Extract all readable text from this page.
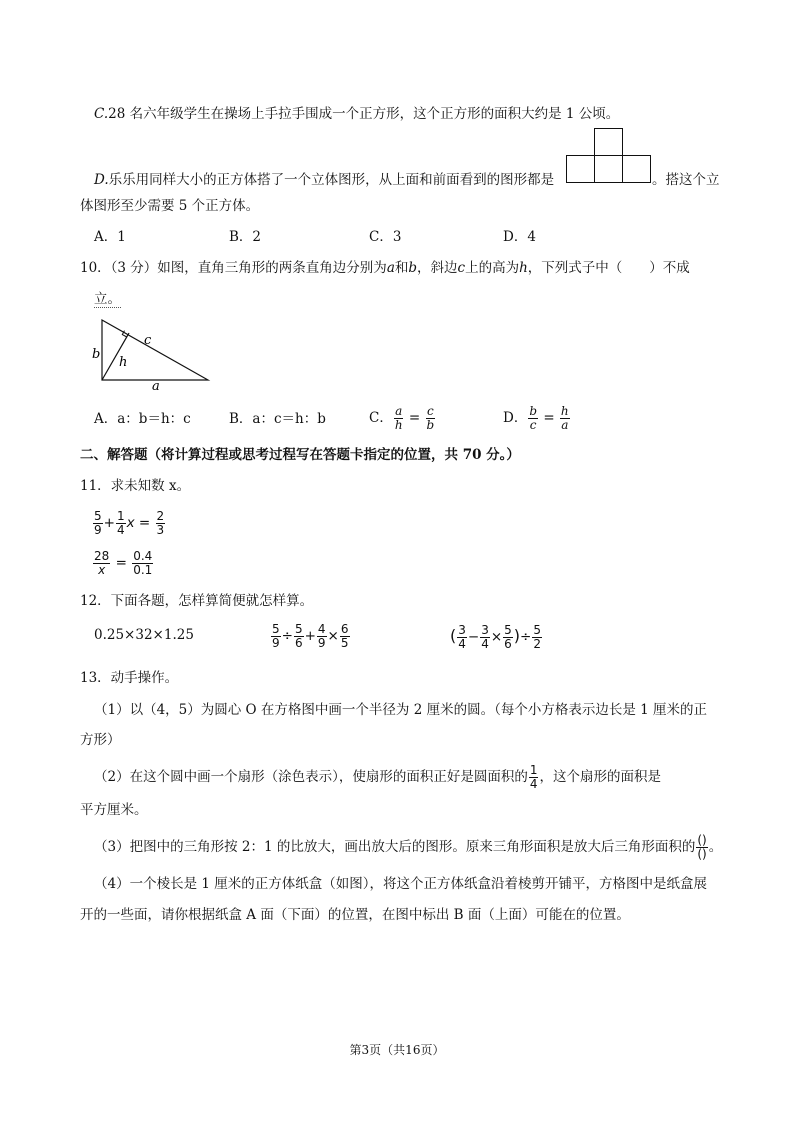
C.28 名六年级学生在操场上手拉手围成一个正方形，这个正方形的面积大约是 1 公顷。
D.乐乐用同样大小的正方体搭了一个立体图形，从上面和前面看到的图形都是	。搭这个立
体图形至少需要 5 个正方体。
A．1	B．2	C．3	D．4
10．（3 分）如图，直角三角形的两条直角边分别为a和b，斜边c上的高为h，下列式子中（　　）不成
立。
b
c
h
a
A．a：b＝h：c	B．a：c＝h：b	C． $\frac{a}{h} = \frac{c}{b}$	D． $\frac{b}{c} = \frac{h}{a}$
二、解答题（将计算过程或思考过程写在答题卡指定的位置，共 70 分。）
11．求未知数 x。
$\frac{5}{9} + \frac{1}{4}$ $x = \frac{2}{3}$
$\frac{28}{x} = \frac{0.4}{0.1}$
12．下面各题，怎样算简便就怎样算。
0.25×32×1.25	$\frac{5}{9} \div \frac{5}{6} + \frac{4}{9} \times \frac{6}{5}$	( $\frac{3}{4} - \frac{3}{4} \times \frac{5}{6}$ )÷ $\frac{5}{2}$
13．动手操作。
（1）以（4，5）为圆心 O 在方格图中画一个半径为 2 厘米的圆。（每个小方格表示边长是 1 厘米的正
方形）
（2）在这个圆中画一个扇形（涂色表示），使扇形的面积正好是圆面积的 $\frac{1}{4}$ ，这个扇形的面积是
平方厘米。
（3）把图中的三角形按 2：1 的比放大，画出放大后的图形。原来三角形面积是放大后三角形面积的 ()
() 。
（4）一个棱长是 1 厘米的正方体纸盒（如图），将这个正方体纸盒沿着棱剪开铺平，方格图中是纸盒展
开的一些面，请你根据纸盒 A 面（下面）的位置，在图中标出 B 面（上面）可能在的位置。
第3页（共16页）
